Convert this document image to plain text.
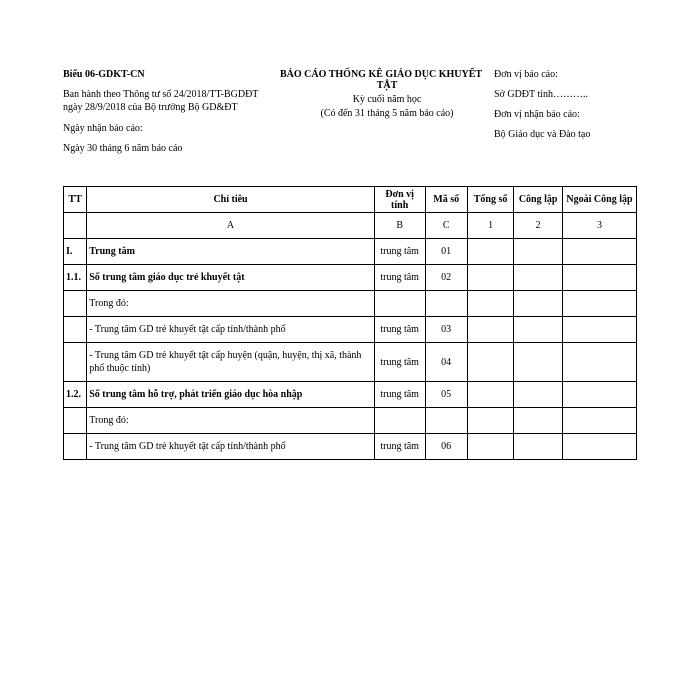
Biểu 06-GDKT-CN
Ban hành theo Thông tư số 24/2018/TT-BGDĐT
ngày 28/9/2018 của Bộ trưởng Bộ GD&ĐT
Ngày nhận báo cáo:
Ngày 30 tháng 6 năm báo cáo
BÁO CÁO THỐNG KÊ GIÁO DỤC KHUYẾT
TẬT
Kỳ cuối năm học
(Có đến 31 tháng 5 năm báo cáo)
Đơn vị báo cáo:
Sở GDĐT tỉnh………..
Đơn vị nhận báo cáo:
Bộ Giáo dục và Đào tạo
TT	Chỉ tiêu	Đơn vị tính	Mã số	Tổng số	Công lập	Ngoài Công lập
	A	B	C	1	2	3
I.	Trung tâm	trung tâm	01			
1.1.	Số trung tâm giáo dục trẻ khuyết tật	trung tâm	02			
	Trong đó:					
	- Trung tâm GD trẻ khuyết tật cấp tỉnh/thành phố	trung tâm	03			
	- Trung tâm GD trẻ khuyết tật cấp huyện (quận, huyện, thị xã, thành phố thuộc tỉnh)	trung tâm	04			
1.2.	Số trung tâm hỗ trợ, phát triển giáo dục hòa nhập	trung tâm	05			
	Trong đó:					
	- Trung tâm GD trẻ khuyết tật cấp tỉnh/thành phố	trung tâm	06			
